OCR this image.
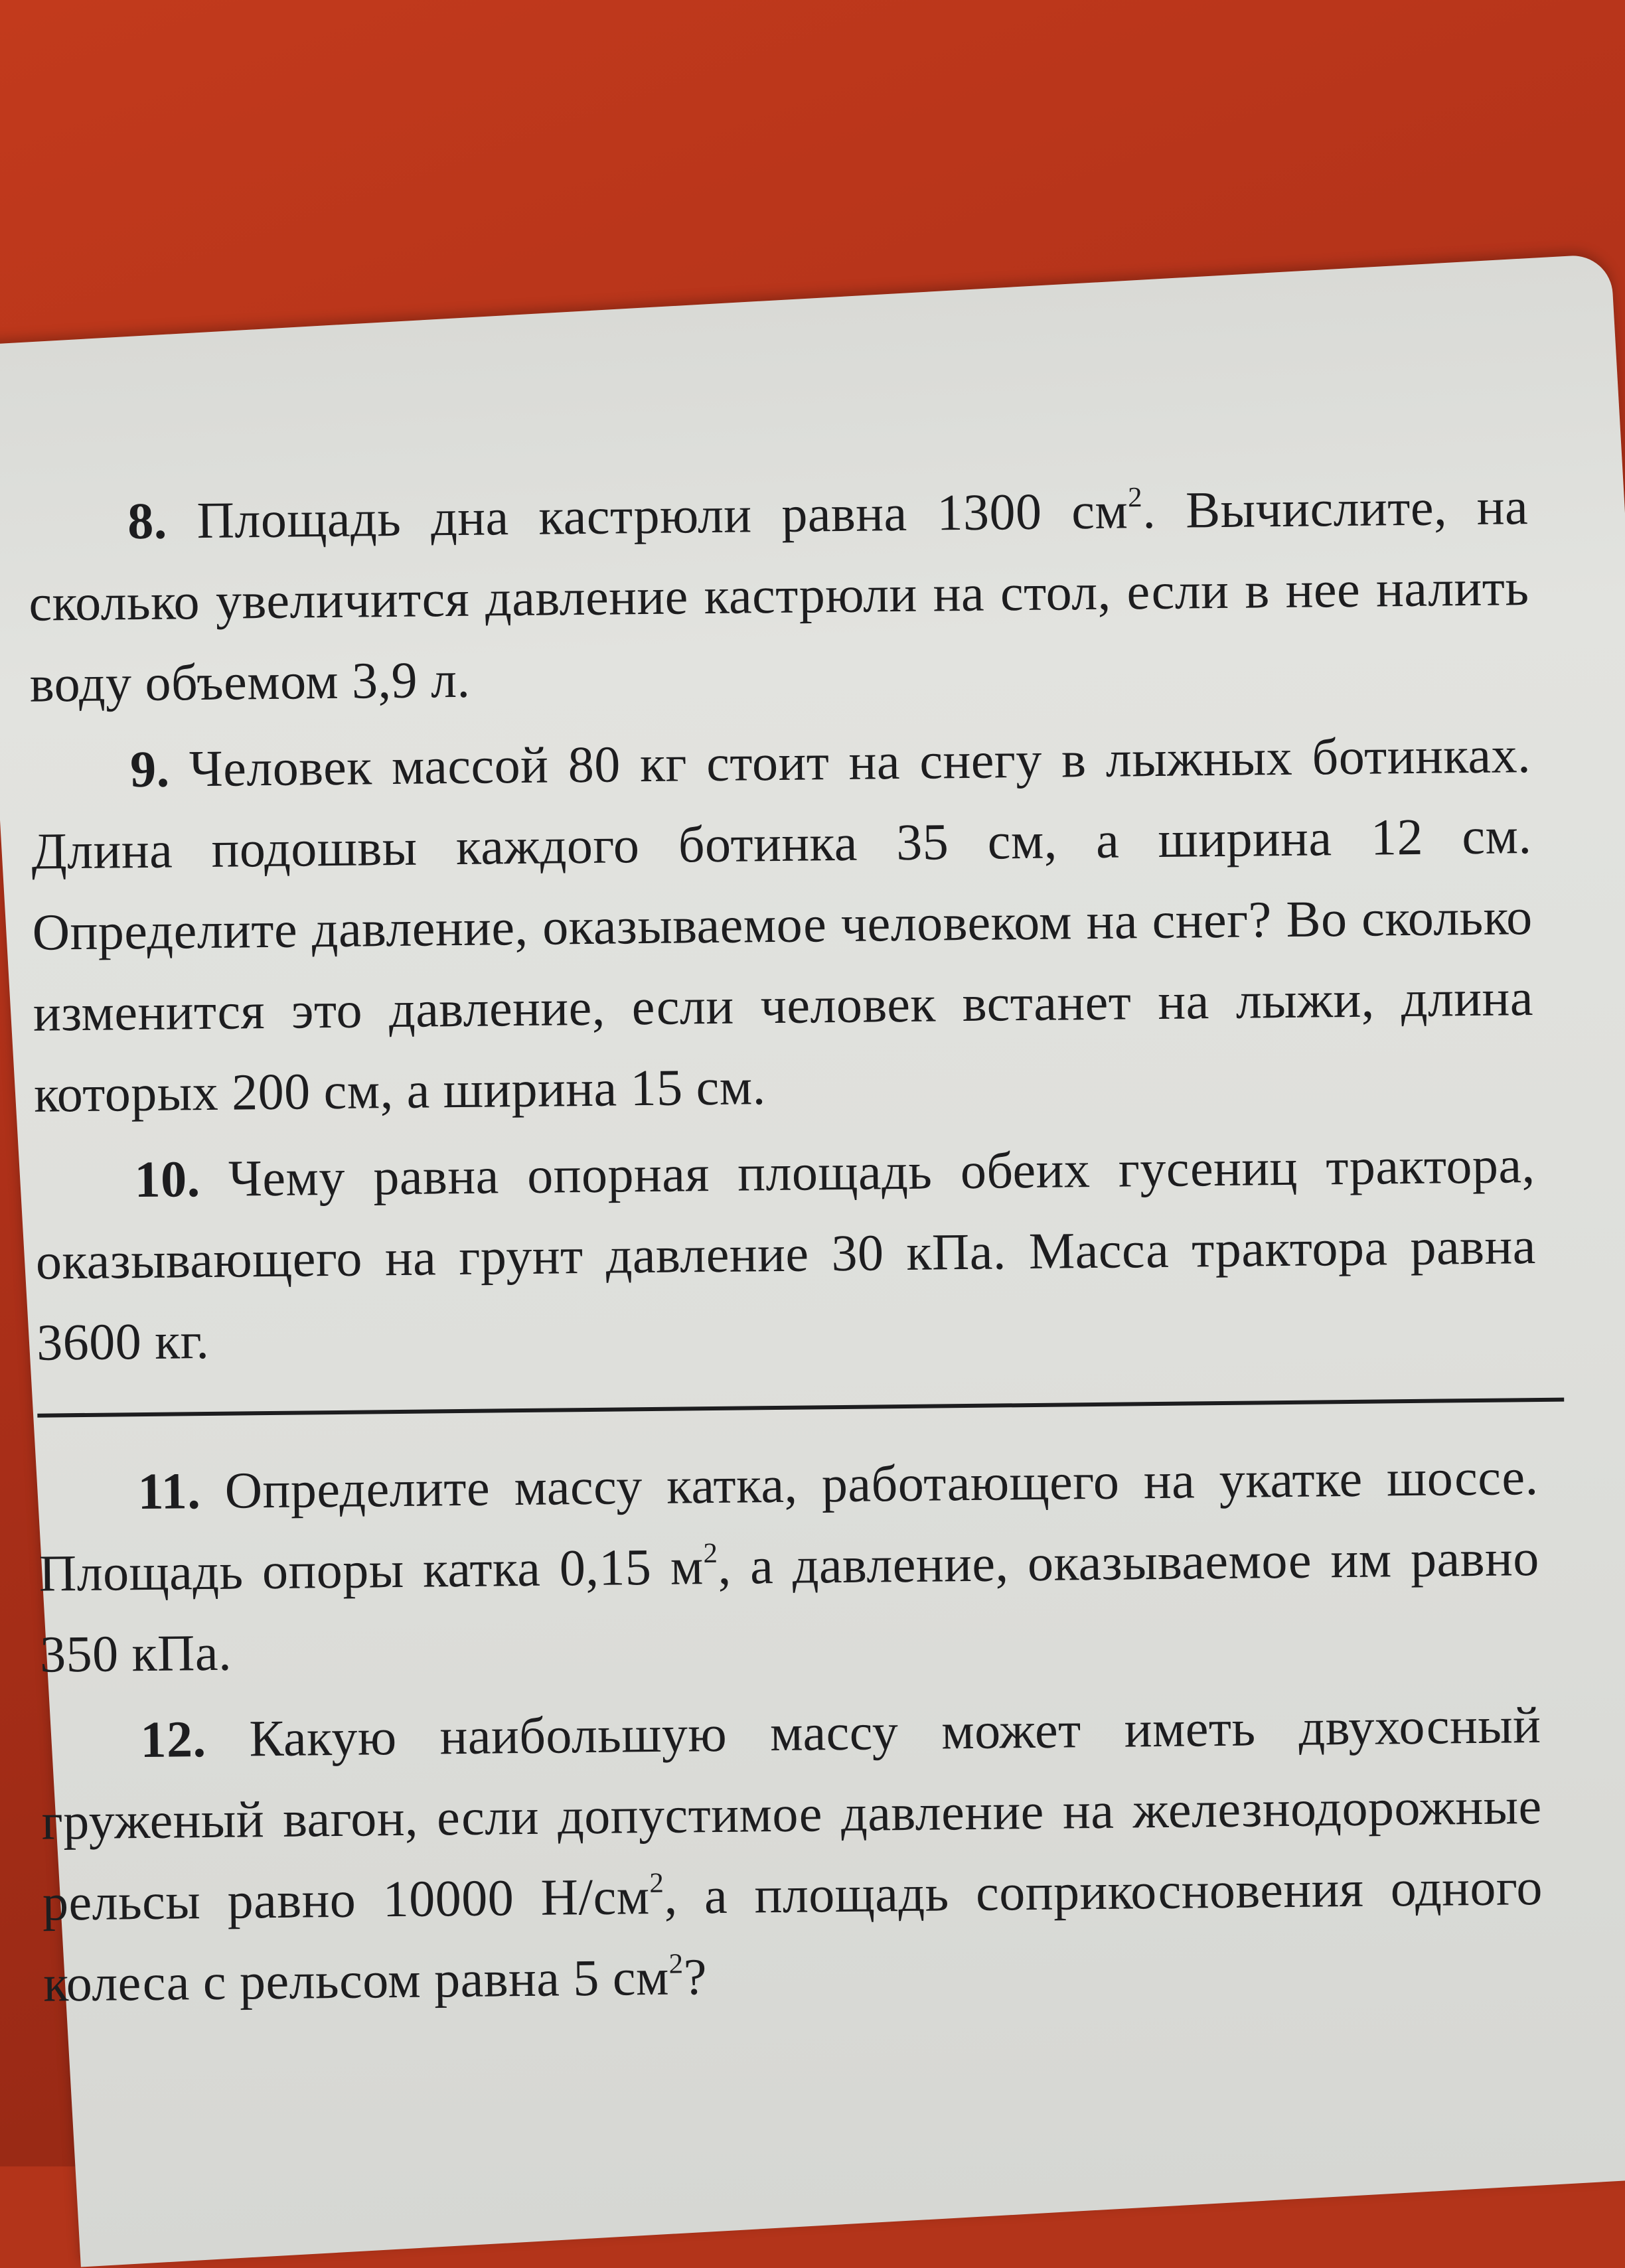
8. Площадь дна кастрюли равна 1300 $см^2$. Вычислите, на сколько увеличится давление кастрюли на стол, если в нее налить воду объемом 3,9 л.

9. Человек массой 80 кг стоит на снегу в лыжных ботинках. Длина подошвы каждого ботинка 35 см, а ширина 12 см. Определите давление, оказываемое человеком на снег? Во сколько изменится это давление, если человек встанет на лыжи, длина которых 200 см, а ширина 15 см.

10. Чему равна опорная площадь обеих гусениц трактора, оказывающего на грунт давление 30 кПа. Масса трактора равна 3600 кг.

11. Определите массу катка, работающего на укатке шоссе. Площадь опоры катка 0,15 $м^2$, а давление, оказываемое им равно 350 кПа.

12. Какую наибольшую массу может иметь двухосный груженый вагон, если допустимое давление на железнодорожные рельсы равно 10000 $Н/см^2$, а площадь соприкосновения одного колеса с рельсом равна 5 $см^2$?
